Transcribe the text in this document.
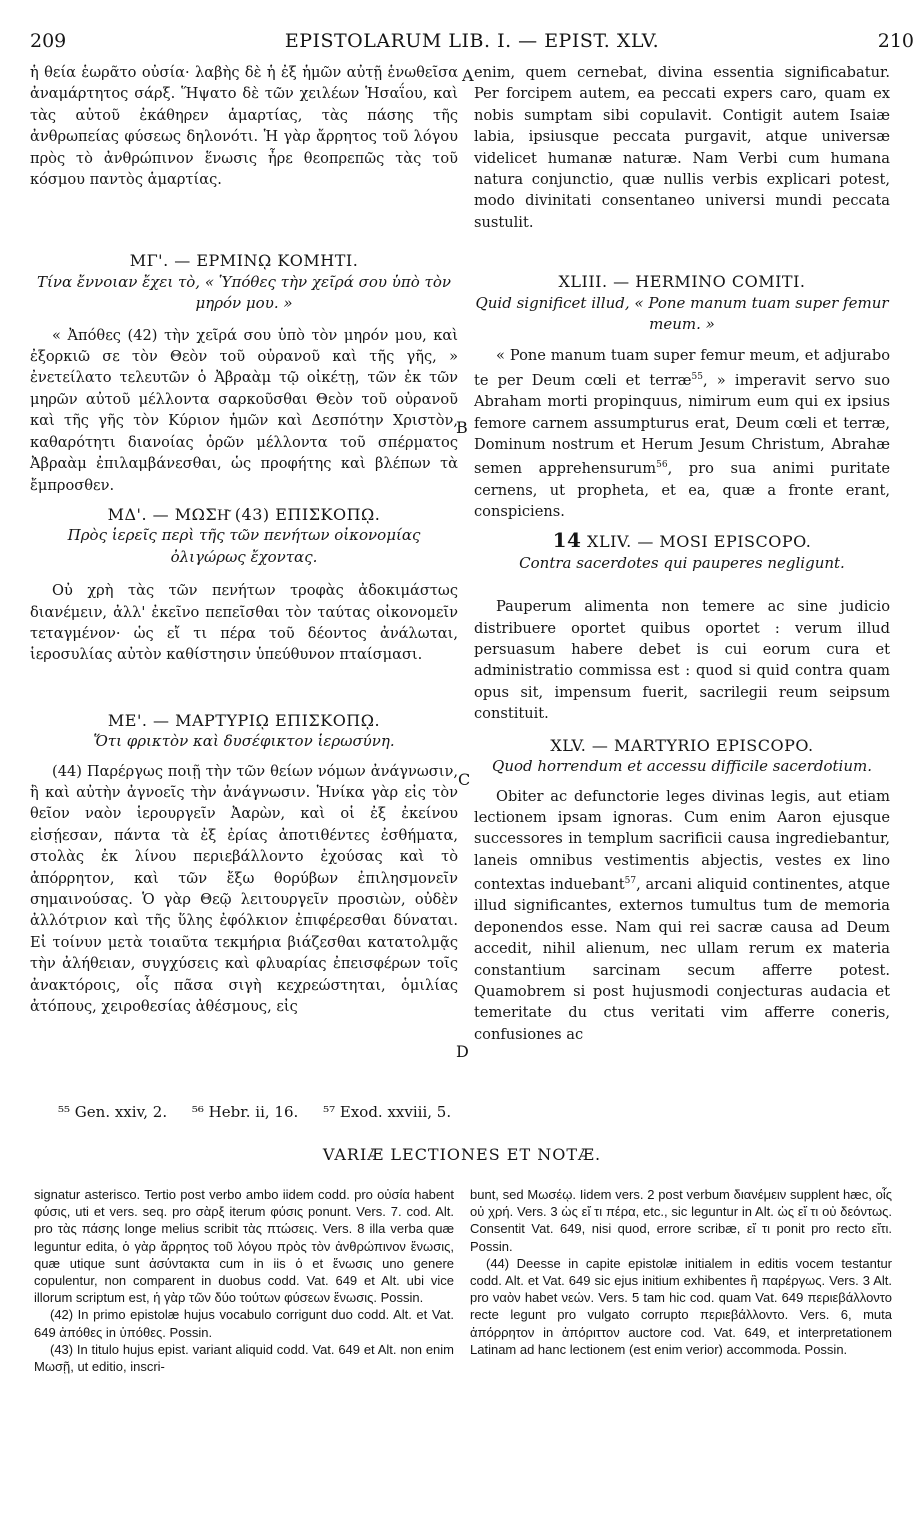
209	EPISTOLARUM LIB. I. — EPIST. XLV.	210
A
B
C
D

ἡ θεία ἑωρᾶτο οὐσία· λαβὴς δὲ ἡ ἐξ ἡμῶν αὐτῇ ἑνωθεῖσα ἀναμάρτητος σάρξ. Ἥψατο δὲ τῶν χειλέων Ἡσαΐου, καὶ τὰς αὐτοῦ ἐκάθηρεν ἁμαρτίας, τὰς πάσης τῆς ἀνθρωπείας φύσεως δηλονότι. Ἡ γὰρ ἄρρητος τοῦ λόγου πρὸς τὸ ἀνθρώπινον ἕνωσις ἦρε θεοπρεπῶς τὰς τοῦ κόσμου παντὸς ἁμαρτίας.

ΜΓ'. — ΕΡΜΙΝῼ ΚΟΜΗΤΙ.
Τίνα ἔννοιαν ἔχει τὸ, « Ὑπόθες τὴν χεῖρά σου ὑπὸ τὸν μηρόν μου. »

« Ἀπόθες (42) τὴν χεῖρά σου ὑπὸ τὸν μηρόν μου, καὶ ἐξορκιῶ σε τὸν Θεὸν τοῦ οὐρανοῦ καὶ τῆς γῆς, » ἐνετείλατο τελευτῶν ὁ Ἀβραὰμ τῷ οἰκέτῃ, τῶν ἐκ τῶν μηρῶν αὐτοῦ μέλλοντα σαρκοῦσθαι Θεὸν τοῦ οὐρανοῦ καὶ τῆς γῆς τὸν Κύριον ἡμῶν καὶ Δεσπότην Χριστὸν, καθαρότητι διανοίας ὁρῶν μέλλοντα τοῦ σπέρματος Ἀβραὰμ ἐπιλαμβάνεσθαι, ὡς προφήτης καὶ βλέπων τὰ ἔμπροσθεν.

ΜΔ'. — ΜΩΣΗ͂ (43) ΕΠΙΣΚΟΠῼ.
Πρὸς ἱερεῖς περὶ τῆς τῶν πενήτων οἰκονομίας ὀλιγώρως ἔχοντας.

Οὐ χρὴ τὰς τῶν πενήτων τροφὰς ἀδοκιμάστως διανέμειν, ἀλλ' ἐκεῖνο πεπεῖσθαι τὸν ταύτας οἰκονομεῖν τεταγμένον· ὡς εἴ τι πέρα τοῦ δέοντος ἀνάλωται, ἱεροσυλίας αὐτὸν καθίστησιν ὑπεύθυνον πταίσμασι.

ΜΕ'. — ΜΑΡΤΥΡΙῼ ΕΠΙΣΚΟΠῼ.
Ὅτι φρικτὸν καὶ δυσέφικτον ἱερωσύνη.

(44) Παρέργως ποιῇ τὴν τῶν θείων νόμων ἀνάγνωσιν, ἢ καὶ αὐτὴν ἀγνοεῖς τὴν ἀνάγνωσιν. Ἡνίκα γὰρ εἰς τὸν θεῖον ναὸν ἱερουργεῖν Ἀαρὼν, καὶ οἱ ἐξ ἐκείνου εἰσῄεσαν, πάντα τὰ ἐξ ἐρίας ἀποτιθέντες ἐσθήματα, στολὰς ἐκ λίνου περιεβάλλοντο ἐχούσας καὶ τὸ ἀπόρρητον, καὶ τῶν ἔξω θορύβων ἐπιλησμονεῖν σημαινούσας. Ὁ γὰρ Θεῷ λειτουργεῖν προσιὼν, οὐδὲν ἀλλότριον καὶ τῆς ὕλης ἐφόλκιον ἐπιφέρεσθαι δύναται. Εἰ τοίνυν μετὰ τοιαῦτα τεκμήρια βιάζεσθαι κατατολμᾷς τὴν ἀλήθειαν, συγχύσεις καὶ φλυαρίας ἐπεισφέρων τοῖς ἀνακτόροις, οἷς πᾶσα σιγὴ κεχρεώστηται, ὁμιλίας ἀτόπους, χειροθεσίας ἀθέσμους, εἰς

enim, quem cernebat, divina essentia significabatur. Per forcipem autem, ea peccati expers caro, quam ex nobis sumptam sibi copulavit. Contigit autem Isaiæ labia, ipsiusque peccata purgavit, atque universæ videlicet humanæ naturæ. Nam Verbi cum humana natura conjunctio, quæ nullis verbis explicari potest, modo divinitati consentaneo universi mundi peccata sustulit.

XLIII. — HERMINO COMITI.
Quid significet illud, « Pone manum tuam super femur meum. »

« Pone manum tuam super femur meum, et adjurabo te per Deum cœli et terræ$^{55}$, » imperavit servo suo Abraham morti propinquus, nimirum eum qui ex ipsius femore carnem assumpturus erat, Deum cœli et terræ, Dominum nostrum et Herum Jesum Christum, Abrahæ semen apprehensurum$^{56}$, pro sua animi puritate cernens, ut propheta, et ea, quæ a fronte erant, conspiciens.

14 XLIV. — MOSI EPISCOPO.
Contra sacerdotes qui pauperes negligunt.

Pauperum alimenta non temere ac sine judicio distribuere oportet quibus oportet : verum illud persuasum habere debet is cui eorum cura et administratio commissa est : quod si quid contra quam opus sit, impensum fuerit, sacrilegii reum seipsum constituit.

XLV. — MARTYRIO EPISCOPO.
Quod horrendum et accessu difficile sacerdotium.

Obiter ac defunctorie leges divinas legis, aut etiam lectionem ipsam ignoras. Cum enim Aaron ejusque successores in templum sacrificii causa ingrediebantur, laneis omnibus vestimentis abjectis, vestes ex lino contextas induebant$^{57}$, arcani aliquid continentes, atque illud significantes, externos tumultus tum de memoria deponendos esse. Nam qui rei sacræ causa ad Deum accedit, nihil alienum, nec ullam rerum ex materia constantium sarcinam secum afferre potest. Quamobrem si post hujusmodi conjecturas audacia et temeritate du ctus veritati vim afferre coneris, confusiones ac

⁵⁵ Gen. xxiv, 2. ⁵⁶ Hebr. ii, 16. ⁵⁷ Exod. xxviii, 5.
VARIÆ LECTIONES ET NOTÆ.

signatur asterisco. Tertio post verbo ambo iidem codd. pro οὐσία habent φύσις, uti et vers. seq. pro σὰρξ iterum φύσις ponunt. Vers. 7. cod. Alt. pro τὰς πάσης longe melius scribit τὰς πτώσεις. Vers. 8 illa verba quæ leguntur edita, ὁ γὰρ ἄρρητος τοῦ λόγου πρὸς τὸν ἀνθρώπινον ἕνωσις, quæ utique sunt ἀσύντακτα cum in iis ὁ et ἕνωσις uno genere copulentur, non comparent in duobus codd. Vat. 649 et Alt. ubi vice illorum scriptum est, ἡ γὰρ τῶν δύο τούτων φύσεων ἕνωσις. Possin.

(42) In primo epistolæ hujus vocabulo corrigunt duo codd. Alt. et Vat. 649 ἀπόθες in ὑπόθες. Possin.

(43) In titulo hujus epist. variant aliquid codd. Vat. 649 et Alt. non enim Μωσῇ, ut editio, inscri-

bunt, sed Μωσέῳ. Iidem vers. 2 post verbum διανέμειν supplent hæc, οἷς οὐ χρή. Vers. 3 ὡς εἴ τι πέρα, etc., sic leguntur in Alt. ὡς εἴ τι οὐ δεόντως. Consentit Vat. 649, nisi quod, errore scribæ, εἴ τι ponit pro recto εἴτι. Possin.

(44) Deesse in capite epistolæ initialem in editis vocem testantur codd. Alt. et Vat. 649 sic ejus initium exhibentes ἢ παρέργως. Vers. 3 Alt. pro ναὸν habet νεών. Vers. 5 tam hic cod. quam Vat. 649 περιεβάλλοντο recte legunt pro vulgato corrupto περιεβάλλοντο. Vers. 6, muta ἀπόρρητον in ἀπόριττον auctore cod. Vat. 649, et interpretationem Latinam ad hanc lectionem (est enim verior) accommoda. Possin.
